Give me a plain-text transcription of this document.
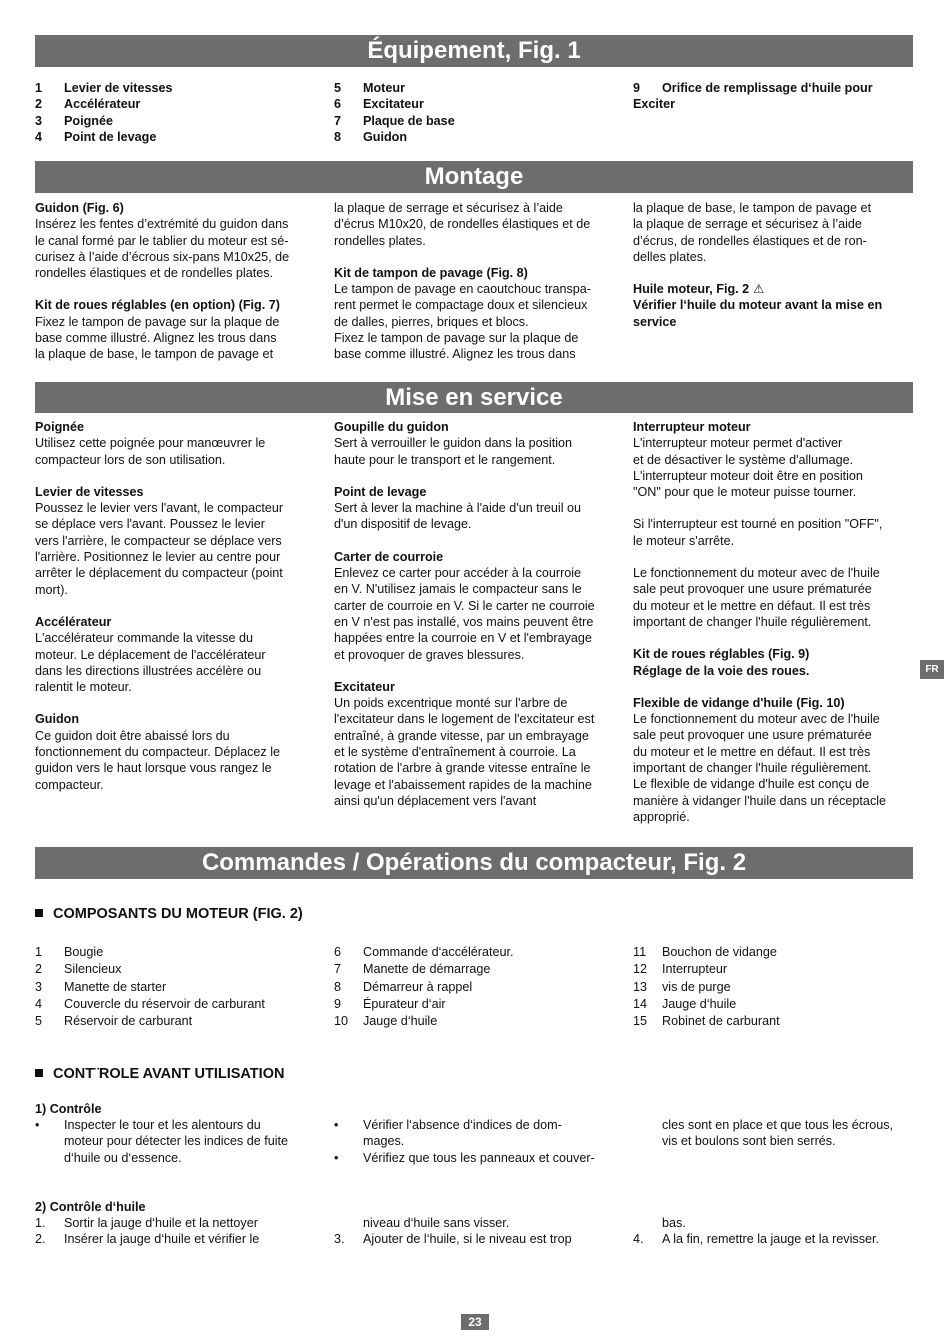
Équipement, Fig. 1
Montage
Mise en service
Commandes / Opérations du compacteur, Fig. 2
1	Levier de vitesses
2	Accélérateur
3	Poignée
4	Point de levage
5	Moteur
6	Excitateur
7	Plaque de base
8	Guidon
9	Orifice de remplissage d‘huile pour

Exciter

Guidon (Fig. 6)

Insérez les fentes d’extrémité du guidon dans
le canal formé par le tablier du moteur est sé-
curisez à l’aide d’écrous six-pans M10x25, de
rondelles élastiques et de rondelles plates.

Kit de roues réglables (en option) (Fig. 7)

Fixez le tampon de pavage sur la plaque de
base comme illustré. Alignez les trous dans
la plaque de base, le tampon de pavage et
la plaque de serrage et sécurisez à l’aide
d’écrus M10x20, de rondelles élastiques et de
rondelles plates.

Kit de tampon de pavage (Fig. 8)

Le tampon de pavage en caoutchouc transpa-
rent permet le compactage doux et silencieux
de dalles, pierres, briques et blocs.
Fixez le tampon de pavage sur la plaque de
base comme illustré. Alignez les trous dans
la plaque de base, le tampon de pavage et
la plaque de serrage et sécurisez à l’aide
d’écrus, de rondelles élastiques et de ron-
delles plates.

Huile moteur, Fig. 2 ⚠

Vérifier l‘huile du moteur avant la mise en
service

Poignée

Utilisez cette poignée pour manœuvrer le
compacteur lors de son utilisation.

Levier de vitesses

Poussez le levier vers l'avant, le compacteur
se déplace vers l'avant. Poussez le levier
vers l'arrière, le compacteur se déplace vers
l'arrière. Positionnez le levier au centre pour
arrêter le déplacement du compacteur (point
mort).

Accélérateur

L'accélérateur commande la vitesse du
moteur. Le déplacement de l'accélérateur
dans les directions illustrées accélère ou
ralentit le moteur.

Guidon

Ce guidon doit être abaissé lors du
fonctionnement du compacteur. Déplacez le
guidon vers le haut lorsque vous rangez le
compacteur.

Goupille du guidon

Sert à verrouiller le guidon dans la position
haute pour le transport et le rangement.

Point de levage

Sert à lever la machine à l'aide d'un treuil ou
d'un dispositif de levage.

Carter de courroie

Enlevez ce carter pour accéder à la courroie
en V. N'utilisez jamais le compacteur sans le
carter de courroie en V. Si le carter ne courroie
en V n'est pas installé, vos mains peuvent être
happées entre la courroie en V et l'embrayage
et provoquer de graves blessures.

Excitateur

Un poids excentrique monté sur l'arbre de
l'excitateur dans le logement de l'excitateur est
entraîné, à grande vitesse, par un embrayage
et le système d'entraînement à courroie. La
rotation de l'arbre à grande vitesse entraîne le
levage et l'abaissement rapides de la machine
ainsi qu'un déplacement vers l'avant

Interrupteur moteur

L'interrupteur moteur permet d'activer
et de désactiver le système d'allumage.
L'interrupteur moteur doit être en position
"ON" pour que le moteur puisse tourner.
Si l'interrupteur est tourné en position "OFF",
le moteur s'arrête.
Le fonctionnement du moteur avec de l'huile
sale peut provoquer une usure prématurée
du moteur et le mettre en défaut. Il est très
important de changer l'huile régulièrement.
Kit de roues réglables (Fig. 9)
Réglage de la voie des roues.

Flexible de vidange d'huile (Fig. 10)

Le fonctionnement du moteur avec de l'huile
sale peut provoquer une usure prématurée
du moteur et le mettre en défaut. Il est très
important de changer l'huile régulièrement.
Le flexible de vidange d'huile est conçu de
manière à vidanger l'huile dans un réceptacle
approprié.
COMPOSANTS DU MOTEUR (FIG. 2)
1	Bougie
2	Silencieux
3	Manette de starter
4	Couvercle du réservoir de carburant
5	Réservoir de carburant
6	Commande d‘accélérateur.
7	Manette de démarrage
8	Démarreur à rappel
9	Épurateur d‘air
10	Jauge d‘huile
11	Bouchon de vidange
12	Interrupteur
13	vis de purge
14	Jauge d‘huile
15	Robinet de carburant
CONT¨ROLE AVANT UTILISATION

1) Contrôle

•	Inspecter le tour et les alentours du
moteur pour détecter les indices de fuite
d‘huile ou d‘essence.
•	Vérifier l‘absence d‘indices de dom-
mages.
•	Vérifiez que tous les panneaux et couver-
cles sont en place et que tous les écrous,
vis et boulons sont bien serrés.

2) Contrôle d‘huile

1.	Sortir la jauge d‘huile et la nettoyer
2.	Insérer la jauge d‘huile et vérifier le
niveau d‘huile sans visser.
3.	Ajouter de l‘huile, si le niveau est trop
bas.
4.	A la fin, remettre la jauge et la revisser.
FR
23
